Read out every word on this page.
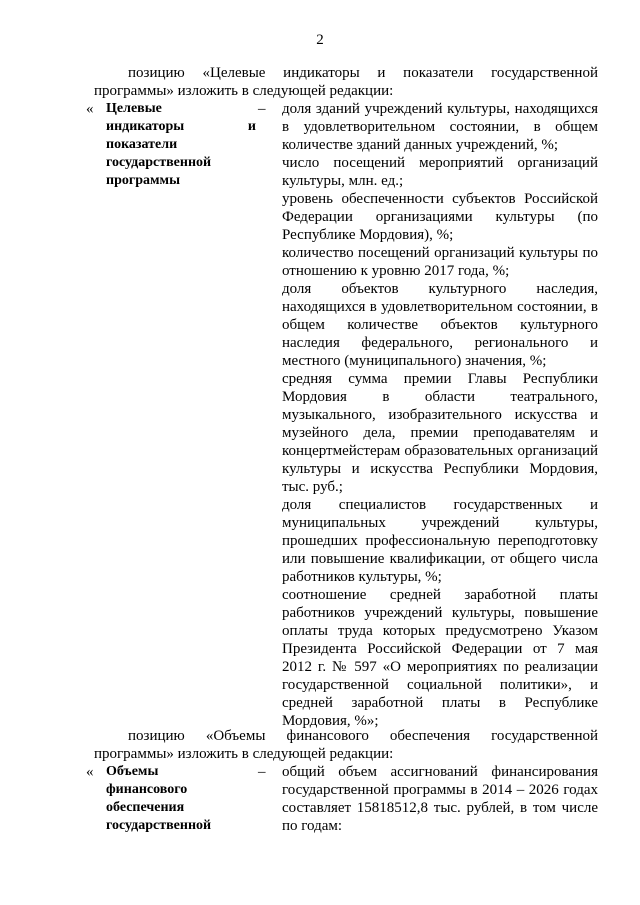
2
позицию «Целевые индикаторы и показатели государственной программы» изложить в следующей редакции:
« Целевые
индикаторы	и
показатели
государственной
программы
– доля зданий учреждений культуры, находящихся в удовлетворительном состоянии, в общем количестве зданий данных учреждений, %;

число посещений мероприятий организаций культуры, млн. ед.;

уровень обеспеченности субъектов Российской Федерации организациями культуры (по Республике Мордовия), %;

количество посещений организаций культуры по отношению к уровню 2017 года, %;

доля объектов культурного наследия, находящихся в удовлетворительном состоянии, в общем количестве объектов культурного наследия федерального, регионального и местного (муниципального) значения, %;

средняя сумма премии Главы Республики Мордовия в области театрального, музыкального, изобразительного искусства и музейного дела, премии преподавателям и концертмейстерам образовательных организаций культуры и искусства Республики Мордовия, тыс. руб.;

доля специалистов государственных и муниципальных учреждений культуры, прошедших профессиональную переподготовку или повышение квалификации, от общего числа работников культуры, %;

соотношение средней заработной платы работников учреждений культуры, повышение оплаты труда которых предусмотрено Указом Президента Российской Федерации от 7 мая 2012 г. № 597 «О мероприятиях по реализации государственной социальной политики», и средней заработной платы в Республике Мордовия, %»;

позицию «Объемы финансового обеспечения государственной программы» изложить в следующей редакции:
« Объемы
финансового
обеспечения
государственной
– общий объем ассигнований финансирования государственной программы в 2014 – 2026 годах составляет 15818512,8 тыс. рублей, в том числе по годам:
